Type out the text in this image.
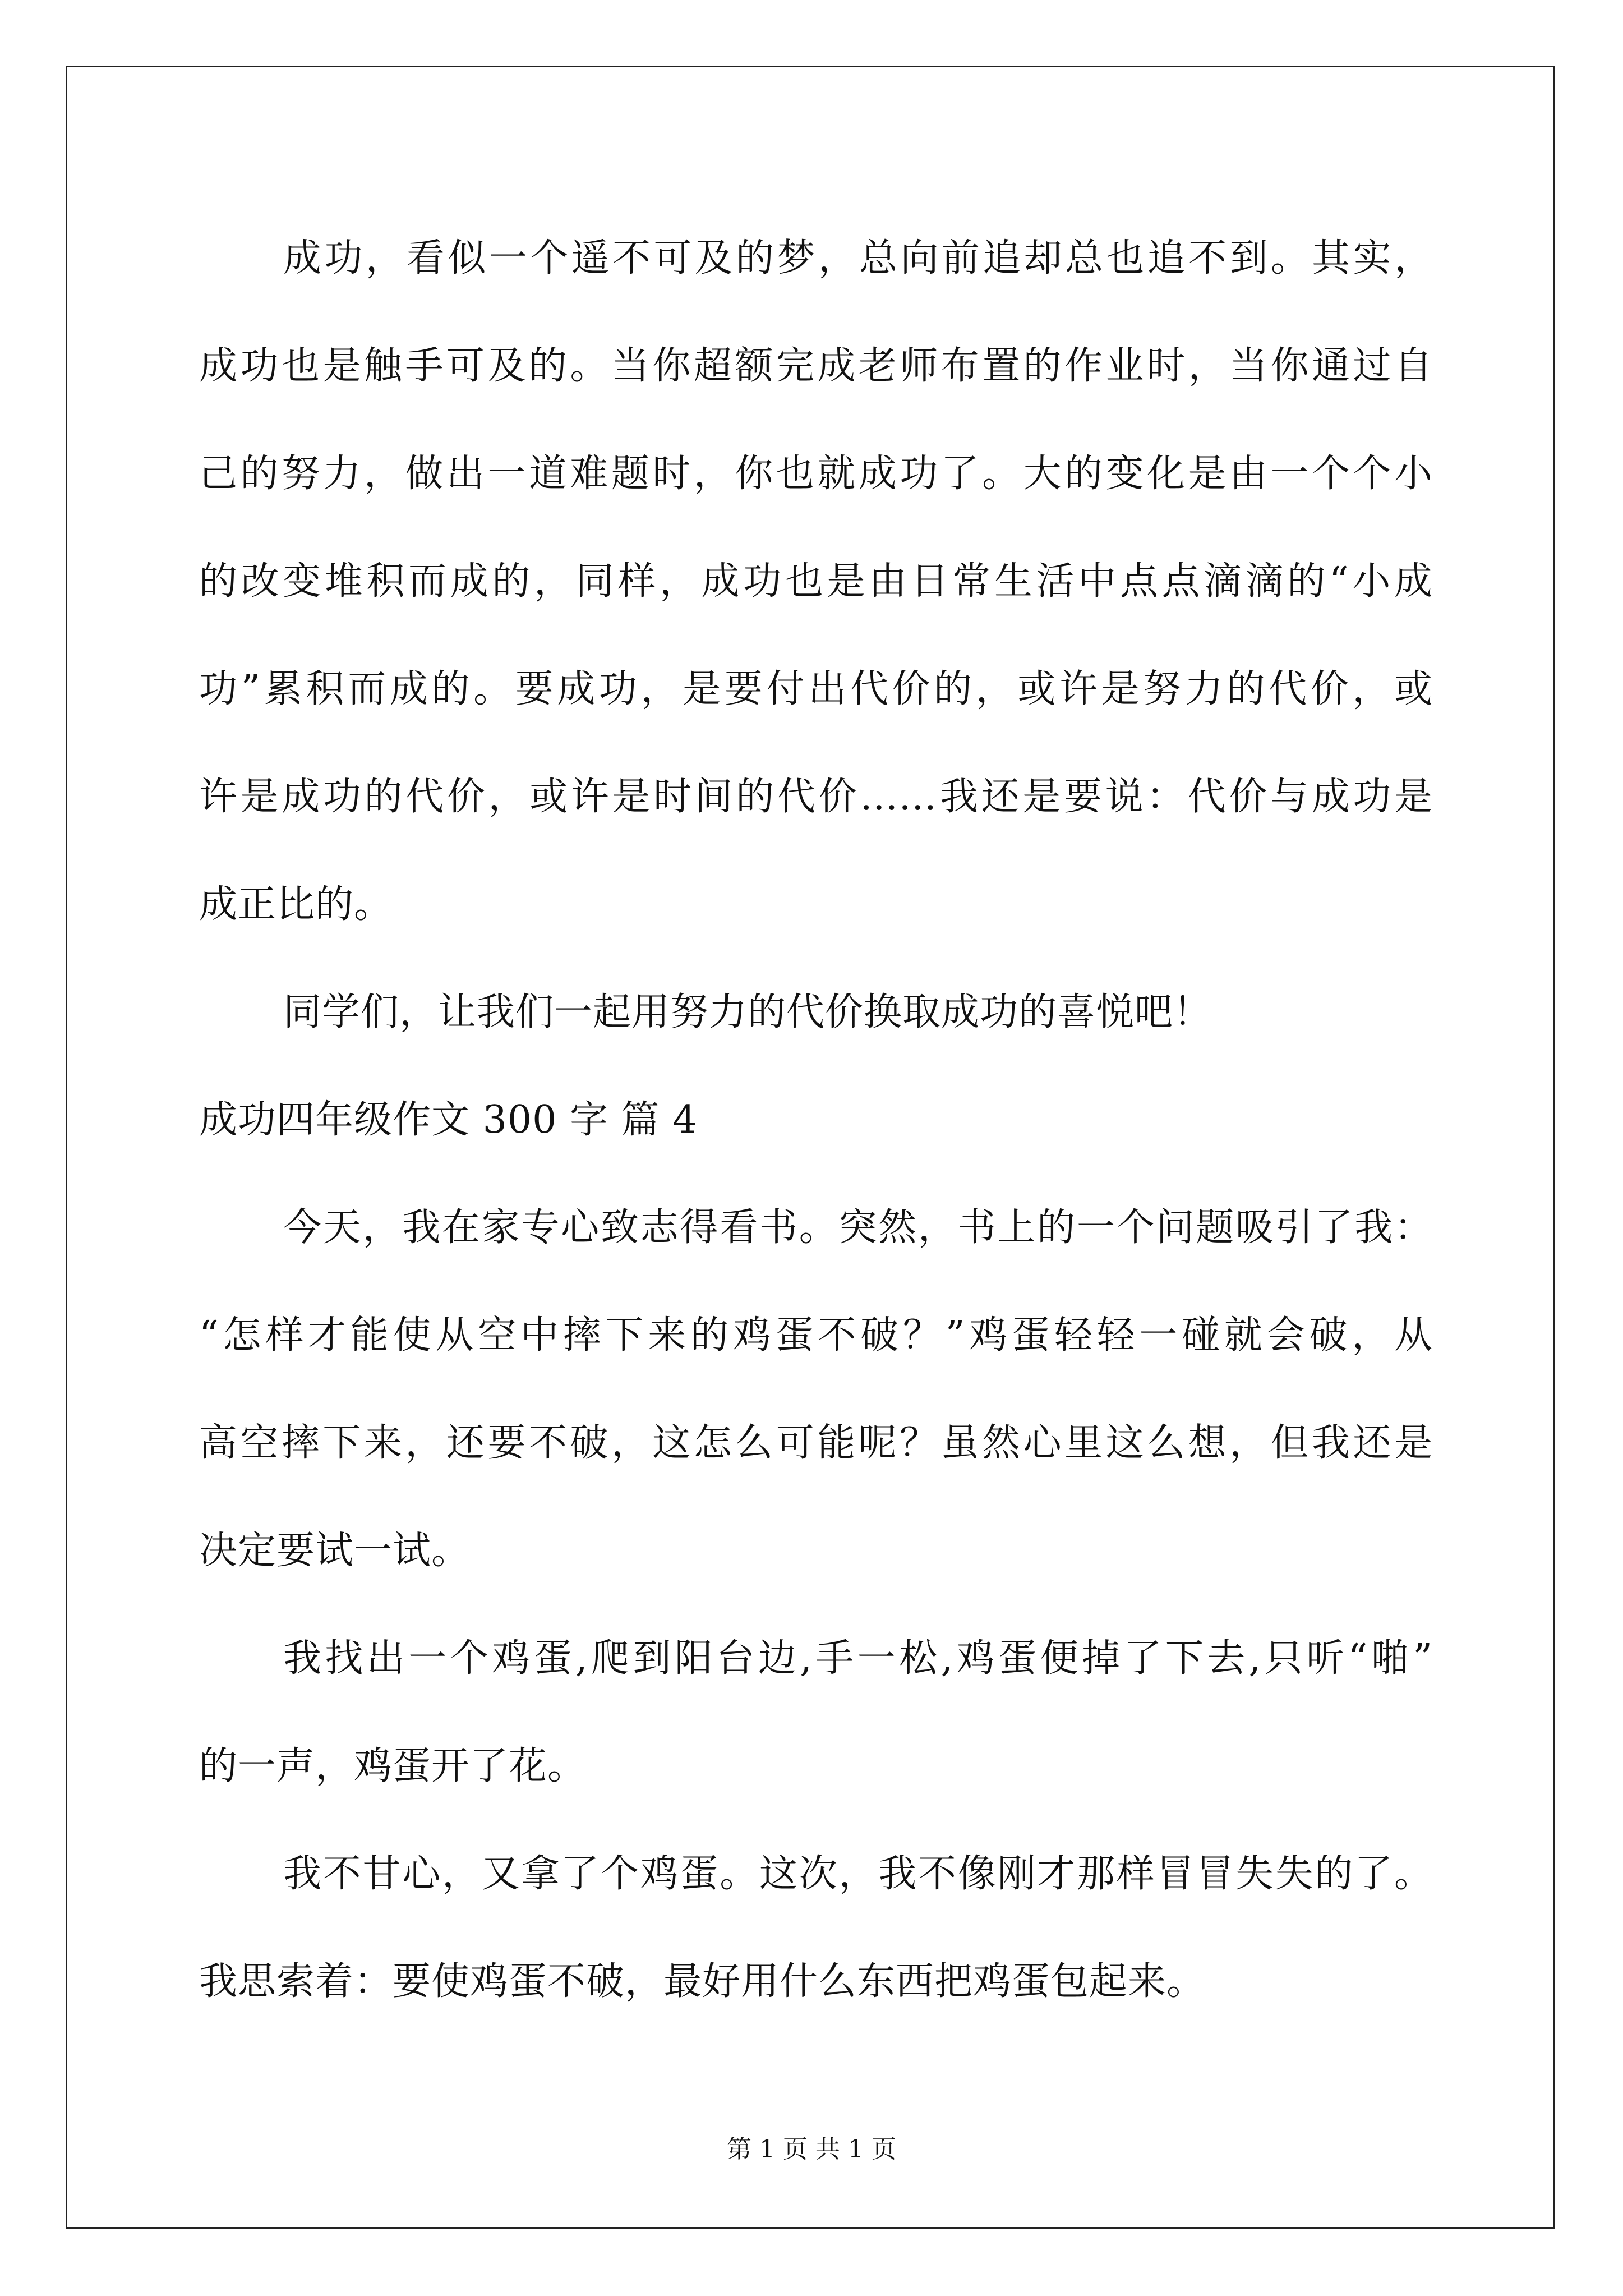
成功，看似一个遥不可及的梦，总向前追却总也追不到。其实，
成功也是触手可及的。当你超额完成老师布置的作业时，当你通过自
己的努力，做出一道难题时，你也就成功了。大的变化是由一个个小
的改变堆积而成的，同样，成功也是由日常生活中点点滴滴的“小成
功”累积而成的。要成功，是要付出代价的，或许是努力的代价，或
许是成功的代价，或许是时间的代价……我还是要说：代价与成功是
成正比的。
同学们，让我们一起用努力的代价换取成功的喜悦吧！
成功四年级作文 300 字 篇 4
今天，我在家专心致志得看书。突然，书上的一个问题吸引了我：
“怎样才能使从空中摔下来的鸡蛋不破？”鸡蛋轻轻一碰就会破，从
高空摔下来，还要不破，这怎么可能呢？虽然心里这么想，但我还是
决定要试一试。
我找出一个鸡蛋,爬到阳台边,手一松,鸡蛋便掉了下去,只听“啪”
的一声，鸡蛋开了花。
我不甘心，又拿了个鸡蛋。这次，我不像刚才那样冒冒失失的了。
我思索着：要使鸡蛋不破，最好用什么东西把鸡蛋包起来。
第 1 页 共 1 页
